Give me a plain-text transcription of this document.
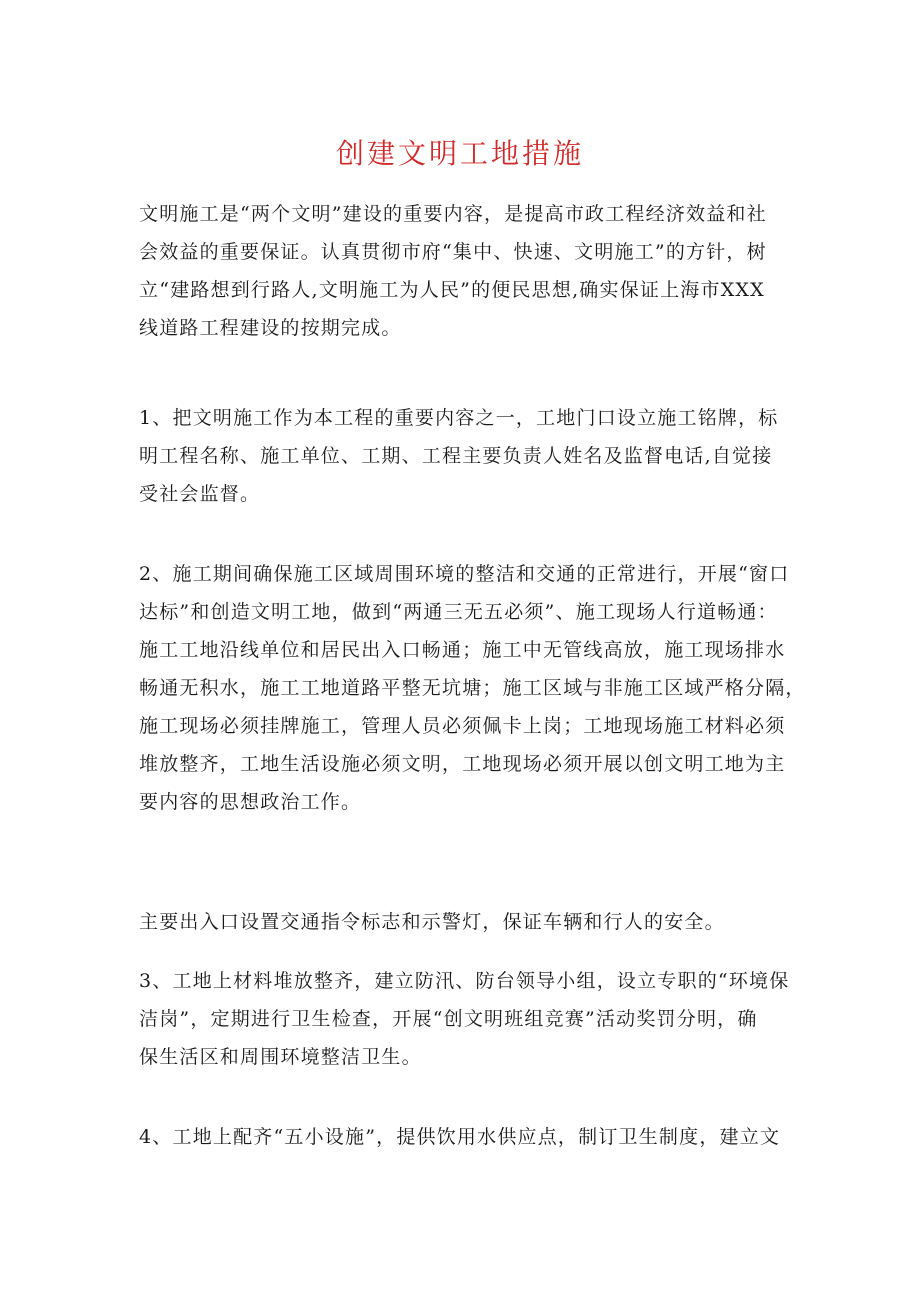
创建文明工地措施

文明施工是“两个文明”建设的重要内容，是提高市政工程经济效益和社
会效益的重要保证。认真贯彻市府“集中、快速、文明施工”的方针，树
立“建路想到行路人,文明施工为人民”的便民思想,确实保证上海市XXX
线道路工程建设的按期完成。

1、把文明施工作为本工程的重要内容之一，工地门口设立施工铭牌，标
明工程名称、施工单位、工期、工程主要负责人姓名及监督电话,自觉接
受社会监督。

2、施工期间确保施工区域周围环境的整洁和交通的正常进行，开展“窗口
达标”和创造文明工地，做到“两通三无五必须”、施工现场人行道畅通：
施工工地沿线单位和居民出入口畅通；施工中无管线高放，施工现场排水
畅通无积水，施工工地道路平整无坑塘；施工区域与非施工区域严格分隔，
施工现场必须挂牌施工，管理人员必须佩卡上岗；工地现场施工材料必须
堆放整齐，工地生活设施必须文明，工地现场必须开展以创文明工地为主
要内容的思想政治工作。

主要出入口设置交通指令标志和示警灯，保证车辆和行人的安全。

3、工地上材料堆放整齐，建立防汛、防台领导小组，设立专职的“环境保
洁岗”，定期进行卫生检查，开展“创文明班组竞赛”活动奖罚分明，确
保生活区和周围环境整洁卫生。

4、工地上配齐“五小设施”，提供饮用水供应点，制订卫生制度，建立文
